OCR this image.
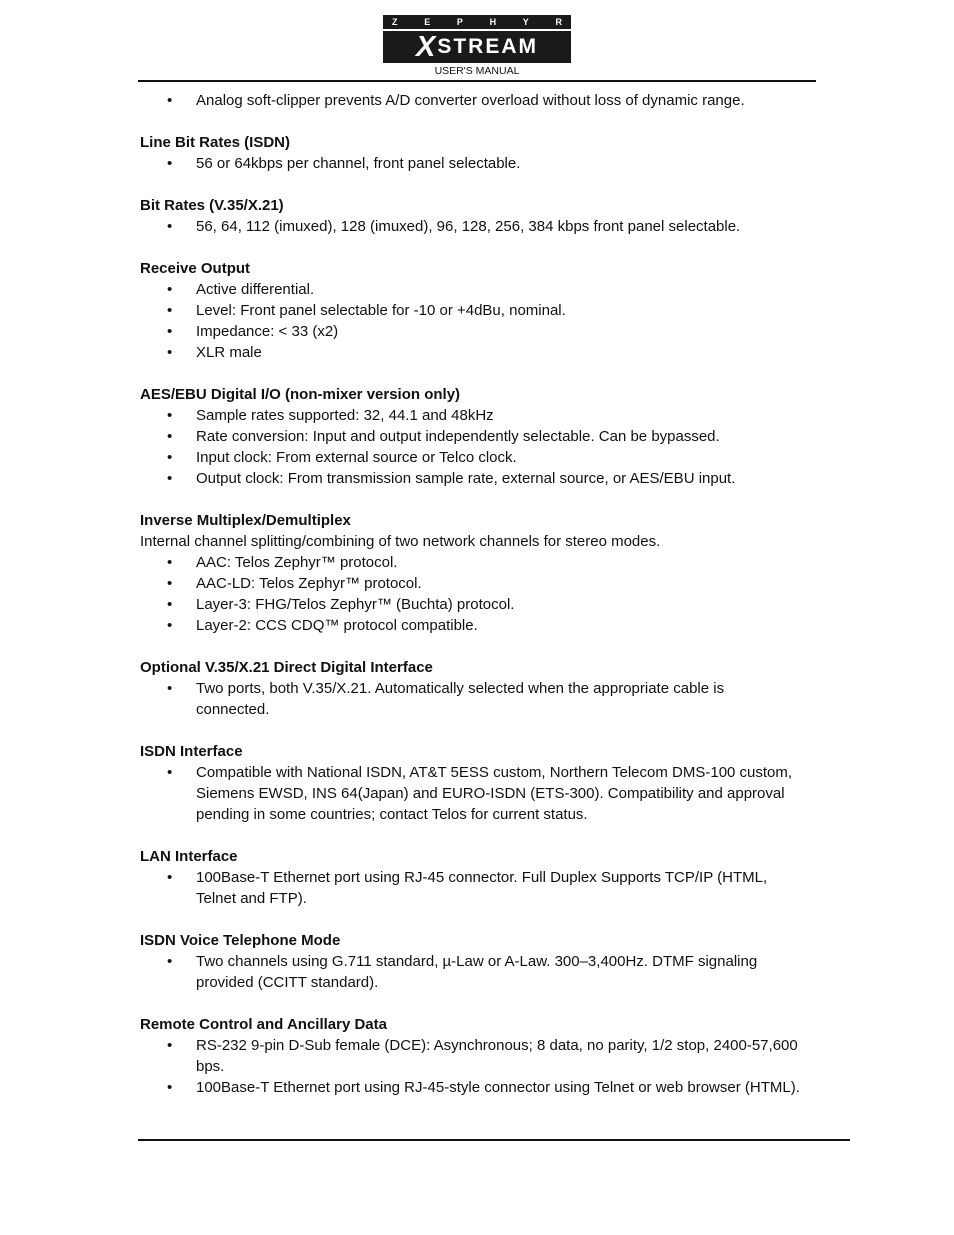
Z	E	P	H	Y	R
X STREAM
USER'S MANUAL
• Analog soft-clipper prevents A/D converter overload without loss of dynamic range.
Line Bit Rates (ISDN)
• 56 or 64kbps per channel, front panel selectable.
Bit Rates (V.35/X.21)
• 56, 64, 112 (imuxed), 128 (imuxed), 96, 128, 256, 384 kbps front panel selectable.
Receive Output
• Active differential.
• Level: Front panel selectable for -10 or +4dBu, nominal.
• Impedance: < 33 (x2)
• XLR male
AES/EBU Digital I/O (non-mixer version only)
• Sample rates supported: 32, 44.1 and 48kHz
• Rate conversion: Input and output independently selectable. Can be bypassed.
• Input clock: From external source or Telco clock.
• Output clock: From transmission sample rate, external source, or AES/EBU input.
Inverse Multiplex/Demultiplex
Internal channel splitting/combining of two network channels for stereo modes.
• AAC: Telos Zephyr™ protocol.
• AAC-LD: Telos Zephyr™ protocol.
• Layer-3: FHG/Telos Zephyr™ (Buchta) protocol.
• Layer-2: CCS CDQ™ protocol compatible.
Optional V.35/X.21 Direct Digital Interface
• Two ports, both V.35/X.21. Automatically selected when the appropriate cable is connected.
ISDN Interface
• Compatible with National ISDN, AT&T 5ESS custom, Northern Telecom DMS-100 custom, Siemens EWSD, INS 64(Japan) and EURO-ISDN (ETS-300). Compatibility and approval pending in some countries; contact Telos for current status.
LAN Interface
• 100Base-T Ethernet port using RJ-45 connector. Full Duplex Supports TCP/IP (HTML, Telnet and FTP).
ISDN Voice Telephone Mode
• Two channels using G.711 standard, µ-Law or A-Law. 300–3,400Hz. DTMF signaling provided (CCITT standard).
Remote Control and Ancillary Data
• RS-232 9-pin D-Sub female (DCE): Asynchronous; 8 data, no parity, 1/2 stop, 2400-57,600 bps.
• 100Base-T Ethernet port using RJ-45-style connector using Telnet or web browser (HTML).
